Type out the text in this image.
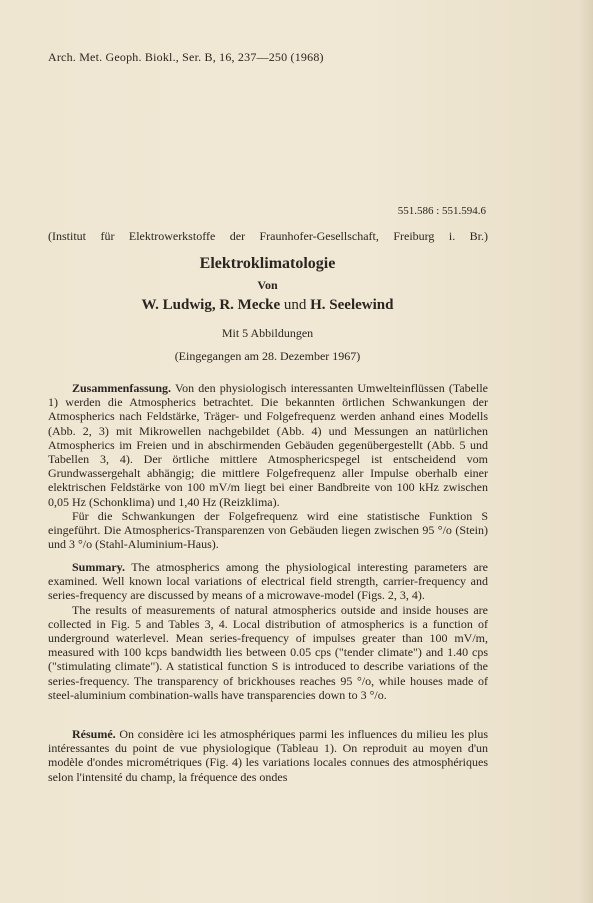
Arch. Met. Geoph. Biokl., Ser. B, 16, 237—250 (1968)
551.586 : 551.594.6
(Institut für Elektrowerkstoffe der Fraunhofer-Gesellschaft, Freiburg i. Br.)
Elektroklimatologie
Von
W. Ludwig, R. Mecke und H. Seelewind
Mit 5 Abbildungen
(Eingegangen am 28. Dezember 1967)

Zusammenfassung. Von den physiologisch interessanten Umwelteinflüssen (Tabelle 1) werden die Atmospherics betrachtet. Die bekannten örtlichen Schwankungen der Atmospherics nach Feldstärke, Träger- und Folgefrequenz werden anhand eines Modells (Abb. 2, 3) mit Mikrowellen nachgebildet (Abb. 4) und Messungen an natürlichen Atmospherics im Freien und in abschirmenden Gebäuden gegenübergestellt (Abb. 5 und Tabellen 3, 4). Der örtliche mittlere Atmosphericspegel ist entscheidend vom Grundwassergehalt abhängig; die mittlere Folgefrequenz aller Impulse oberhalb einer elektrischen Feldstärke von 100 mV/m liegt bei einer Bandbreite von 100 kHz zwischen 0,05 Hz (Schonklima) und 1,40 Hz (Reizklima).

Für die Schwankungen der Folgefrequenz wird eine statistische Funktion S eingeführt. Die Atmospherics-Transparenzen von Gebäuden liegen zwischen 95 °/o (Stein) und 3 °/o (Stahl-Aluminium-Haus).

Summary. The atmospherics among the physiological interesting parameters are examined. Well known local variations of electrical field strength, carrier-frequency and series-frequency are discussed by means of a microwave-model (Figs. 2, 3, 4).

The results of measurements of natural atmospherics outside and inside houses are collected in Fig. 5 and Tables 3, 4. Local distribution of atmospherics is a function of underground waterlevel. Mean series-frequency of impulses greater than 100 mV/m, measured with 100 kcps bandwidth lies between 0.05 cps ("tender climate") and 1.40 cps ("stimulating climate"). A statistical function S is introduced to describe variations of the series-frequency. The transparency of brickhouses reaches 95 °/o, while houses made of steel-aluminium combination-walls have transparencies down to 3 °/o.

Résumé. On considère ici les atmosphériques parmi les influences du milieu les plus intéressantes du point de vue physiologique (Tableau 1). On reproduit au moyen d'un modèle d'ondes micrométriques (Fig. 4) les variations locales connues des atmosphériques selon l'intensité du champ, la fréquence des ondes
